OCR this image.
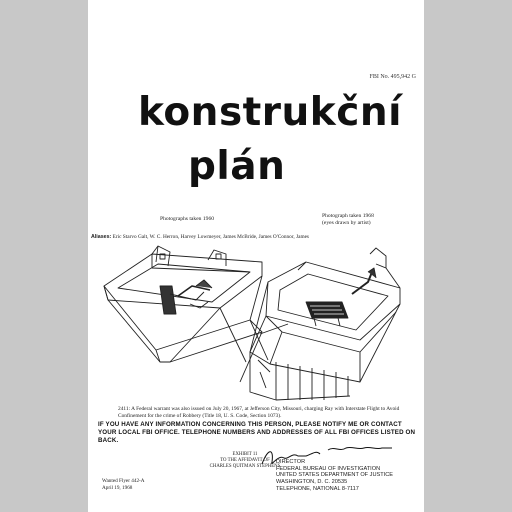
FBI No. 495,942 G
konstrukční
plán
Photographs taken 1960	Photograph taken 1968
(eyes drawn by artist)
Aliases: Eric Starvo Galt, W. C. Herron, Harvey Lowmeyer, James McBride, James O'Connor, James
2411: A Federal warrant was also issued on July 20, 1967, at Jefferson City, Missouri, charging Ray with Interstate Flight to Avoid Confinement for the crime of Robbery (Title 18, U. S. Code, Section 1073).
IF YOU HAVE ANY INFORMATION CONCERNING THIS PERSON, PLEASE NOTIFY ME OR CONTACT YOUR LOCAL FBI OFFICE. TELEPHONE NUMBERS AND ADDRESSES OF ALL FBI OFFICES LISTED ON BACK.
EXHIBIT 11
TO THE AFFIDAVIT OF
CHARLES QUITMAN STEPHENS
DIRECTOR
FEDERAL BUREAU OF INVESTIGATION
UNITED STATES DEPARTMENT OF JUSTICE
WASHINGTON, D. C. 20535
TELEPHONE, NATIONAL 8-7117
Wanted Flyer 442-A
April 19, 1968
